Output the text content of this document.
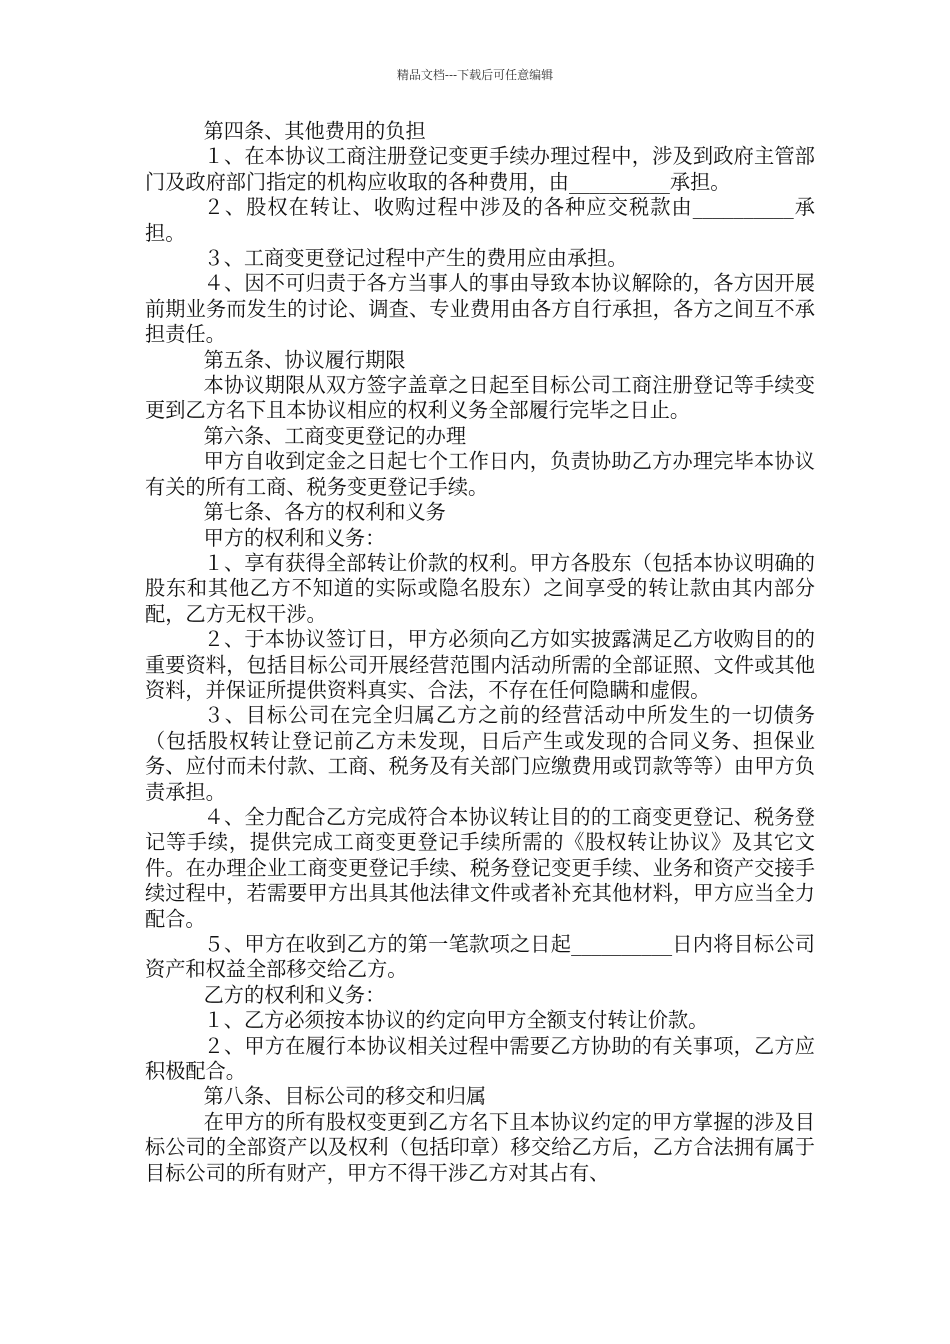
精品文档---下载后可任意编辑

第四条、其他费用的负担

１、在本协议工商注册登记变更手续办理过程中，涉及到政府主管部门及政府部门指定的机构应收取的各种费用，由__________承担。

２、股权在转让、收购过程中涉及的各种应交税款由__________承担。

３、工商变更登记过程中产生的费用应由承担。

４、因不可归责于各方当事人的事由导致本协议解除的，各方因开展前期业务而发生的讨论、调查、专业费用由各方自行承担，各方之间互不承担责任。

第五条、协议履行期限

本协议期限从双方签字盖章之日起至目标公司工商注册登记等手续变更到乙方名下且本协议相应的权利义务全部履行完毕之日止。

第六条、工商变更登记的办理

甲方自收到定金之日起七个工作日内，负责协助乙方办理完毕本协议有关的所有工商、税务变更登记手续。

第七条、各方的权利和义务

甲方的权利和义务：

１、享有获得全部转让价款的权利。甲方各股东（包括本协议明确的股东和其他乙方不知道的实际或隐名股东）之间享受的转让款由其内部分配，乙方无权干涉。

２、于本协议签订日，甲方必须向乙方如实披露满足乙方收购目的的重要资料，包括目标公司开展经营范围内活动所需的全部证照、文件或其他资料，并保证所提供资料真实、合法，不存在任何隐瞒和虚假。

３、目标公司在完全归属乙方之前的经营活动中所发生的一切债务（包括股权转让登记前乙方未发现，日后产生或发现的合同义务、担保业务、应付而未付款、工商、税务及有关部门应缴费用或罚款等等）由甲方负责承担。

４、全力配合乙方完成符合本协议转让目的的工商变更登记、税务登记等手续，提供完成工商变更登记手续所需的《股权转让协议》及其它文件。在办理企业工商变更登记手续、税务登记变更手续、业务和资产交接手续过程中，若需要甲方出具其他法律文件或者补充其他材料，甲方应当全力配合。

５、甲方在收到乙方的第一笔款项之日起__________日内将目标公司资产和权益全部移交给乙方。

乙方的权利和义务：

１、乙方必须按本协议的约定向甲方全额支付转让价款。

２、甲方在履行本协议相关过程中需要乙方协助的有关事项，乙方应积极配合。

第八条、目标公司的移交和归属

在甲方的所有股权变更到乙方名下且本协议约定的甲方掌握的涉及目标公司的全部资产以及权利（包括印章）移交给乙方后，乙方合法拥有属于目标公司的所有财产，甲方不得干涉乙方对其占有、
